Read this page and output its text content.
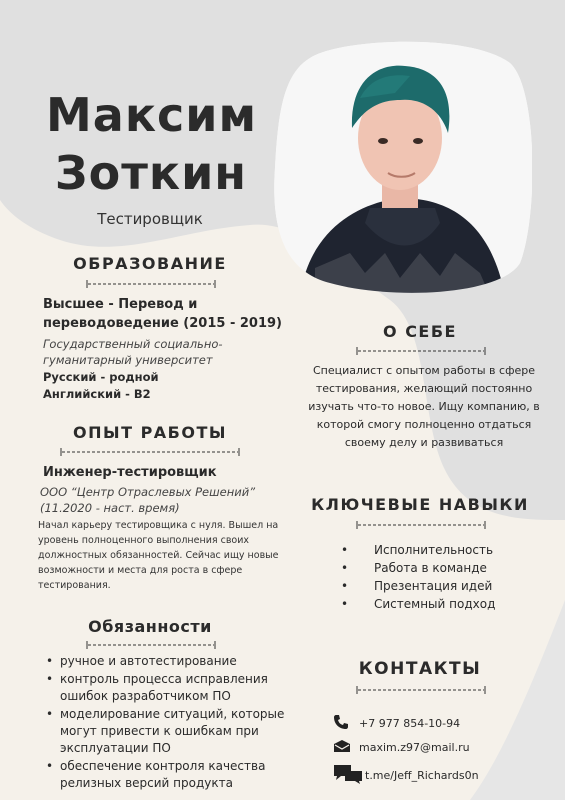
Максим
Зоткин
Тестировщик
ОБРАЗОВАНИЕ
Высшее - Перевод и
переводоведение (2015 - 2019)
Государственный социально-
гуманитарный университет
Русский - родной
Английский - B2
ОПЫТ РАБОТЫ
Инженер-тестировщик
ООО “Центр Отраслевых Решений”
(11.2020 - наст. время)
Начал карьеру тестировщика с нуля. Вышел на
уровень полноценного выполнения своих
должностных обязанностей. Сейчас ищу новые
возможности и места для роста в сфере
тестирования.
Обязанности
• ручное и автотестирование
• контроль процесса исправления
ошибок разработчиком ПО
• моделирование ситуаций, которые
могут привести к ошибкам при
эксплуатации ПО
• обеспечение контроля качества
релизных версий продукта
О СЕБЕ
Специалист с опытом работы в сфере
тестирования, желающий постоянно
изучать что-то новое. Ищу компанию, в
которой смогу полноценно отдаться
своему делу и развиваться
КЛЮЧЕВЫЕ НАВЫКИ
• Исполнительность
• Работа в команде
• Презентация идей
• Системный подход
КОНТАКТЫ
+7 977 854-10-94
maxim.z97@mail.ru
t.me/Jeff_Richards0n
